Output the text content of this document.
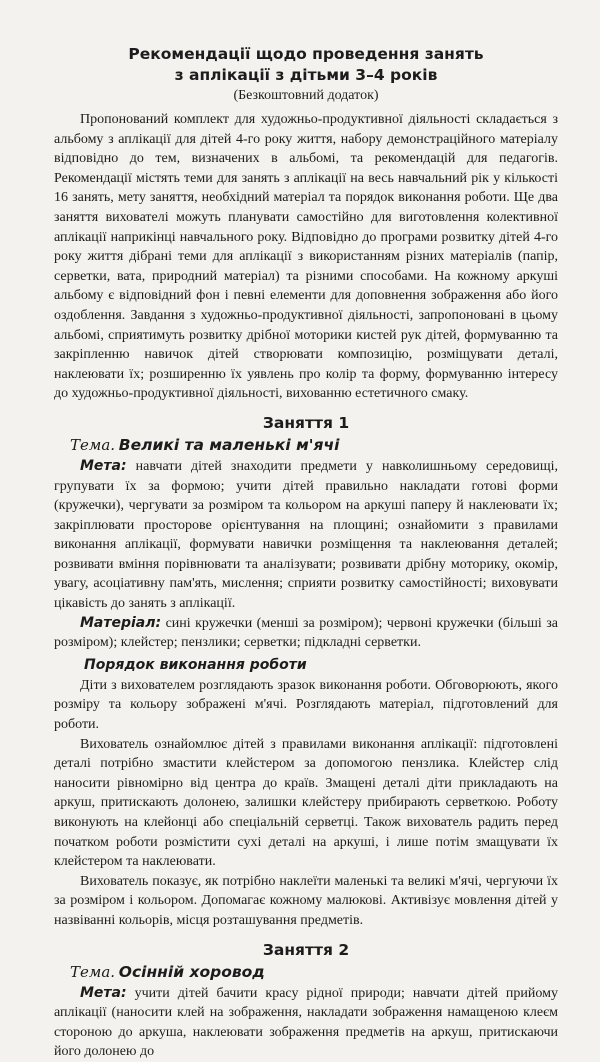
Рекомендації щодо проведення занять
з аплікації з дітьми 3–4 років
(Безкоштовний додаток)

Пропонований комплект для художньо-продуктивної діяльності складається з альбому з аплікації для дітей 4-го року життя, набору демонстраційного матеріалу відповідно до тем, визначених в альбомі, та рекомендацій для педагогів. Рекомендації містять теми для занять з аплікації на весь навчальний рік у кількості 16 занять, мету заняття, необхідний матеріал та порядок виконання роботи. Ще два заняття вихователі можуть планувати самостійно для виготовлення колективної аплікації наприкінці навчального року. Відповідно до програми розвитку дітей 4-го року життя дібрані теми для аплікації з використанням різних матеріалів (папір, серветки, вата, природний матеріал) та різними способами. На кожному аркуші альбому є відповідний фон і певні елементи для доповнення зображення або його оздоблення. Завдання з художньо-продуктивної діяльності, запропоновані в цьому альбомі, сприятимуть розвитку дрібної моторики кистей рук дітей, формуванню та закріпленню навичок дітей створювати композицію, розміщувати деталі, наклеювати їх; розширенню їх уявлень про колір та форму, формуванню інтересу до художньо-продуктивної діяльності, вихованню естетичного смаку.

Заняття 1
Тема. Великі та маленькі м'ячі

Мета: навчати дітей знаходити предмети у навколишньому середовищі, групувати їх за формою; учити дітей правильно накладати готові форми (кружечки), чергувати за розміром та кольором на аркуші паперу й наклеювати їх; закріплювати просторове орієнтування на площині; ознайомити з правилами виконання аплікації, формувати навички розміщення та наклеювання деталей; розвивати вміння порівнювати та аналізувати; розвивати дрібну моторику, окомір, увагу, асоціативну пам'ять, мислення; сприяти розвитку самостійності; виховувати цікавість до занять з аплікації.

Матеріал: сині кружечки (менші за розміром); червоні кружечки (більші за розміром); клейстер; пензлики; серветки; підкладні серветки.

Порядок виконання роботи

Діти з вихователем розглядають зразок виконання роботи. Обговорюють, якого розміру та кольору зображені м'ячі. Розглядають матеріал, підготовлений для роботи.

Вихователь ознайомлює дітей з правилами виконання аплікації: підготовлені деталі потрібно змастити клейстером за допомогою пензлика. Клейстер слід наносити рівномірно від центра до країв. Змащені деталі діти прикладають на аркуш, притискають долонею, залишки клейстеру прибирають серветкою. Роботу виконують на клейонці або спеціальній серветці. Також вихователь радить перед початком роботи розмістити сухі деталі на аркуші, і лише потім змащувати їх клейстером та наклеювати.

Вихователь показує, як потрібно наклеїти маленькі та великі м'ячі, чергуючи їх за розміром і кольором. Допомагає кожному малюкові. Активізує мовлення дітей у назвіванні кольорів, місця розташування предметів.

Заняття 2
Тема. Осінній хоровод

Мета: учити дітей бачити красу рідної природи; навчати дітей прийому аплікації (наносити клей на зображення, накладати зображення намащеною клеєм стороною до аркуша, наклеювати зображення предметів на аркуш, притискаючи його долонею до
